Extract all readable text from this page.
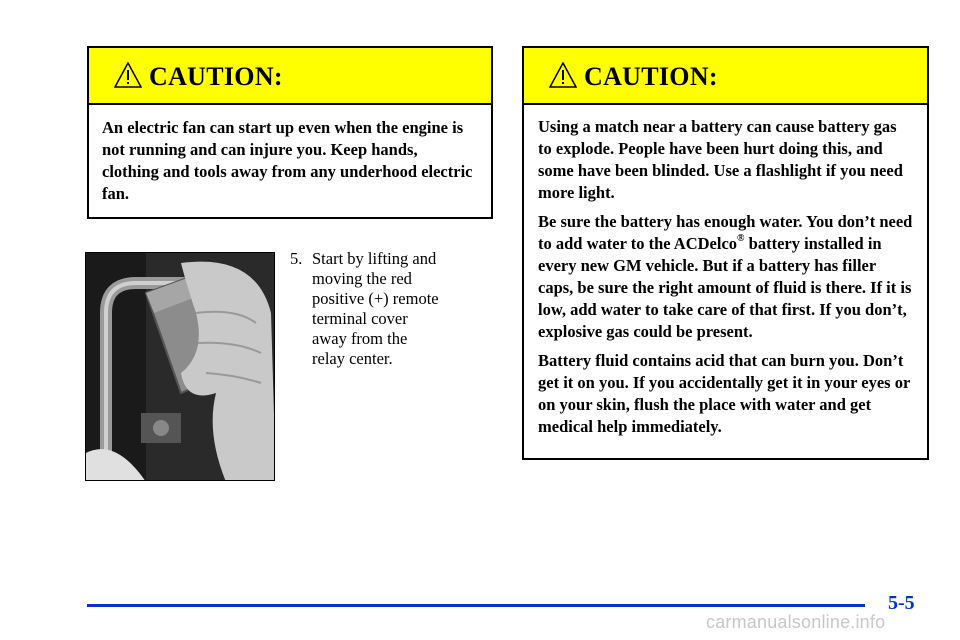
CAUTION:

An electric fan can start up even when the engine is not running and can injure you. Keep hands, clothing and tools away from any underhood electric fan.

5. Start by lifting and
moving the red
positive (+) remote
terminal cover
away from the
relay center.
CAUTION:

Using a match near a battery can cause battery gas to explode. People have been hurt doing this, and some have been blinded. Use a flashlight if you need more light.

Be sure the battery has enough water. You don’t need to add water to the ACDelco® battery installed in every new GM vehicle. But if a battery has filler caps, be sure the right amount of fluid is there. If it is low, add water to take care of that first. If you don’t, explosive gas could be present.

Battery fluid contains acid that can burn you. Don’t get it on you. If you accidentally get it in your eyes or on your skin, flush the place with water and get medical help immediately.

5-5
carmanualsonline.info
